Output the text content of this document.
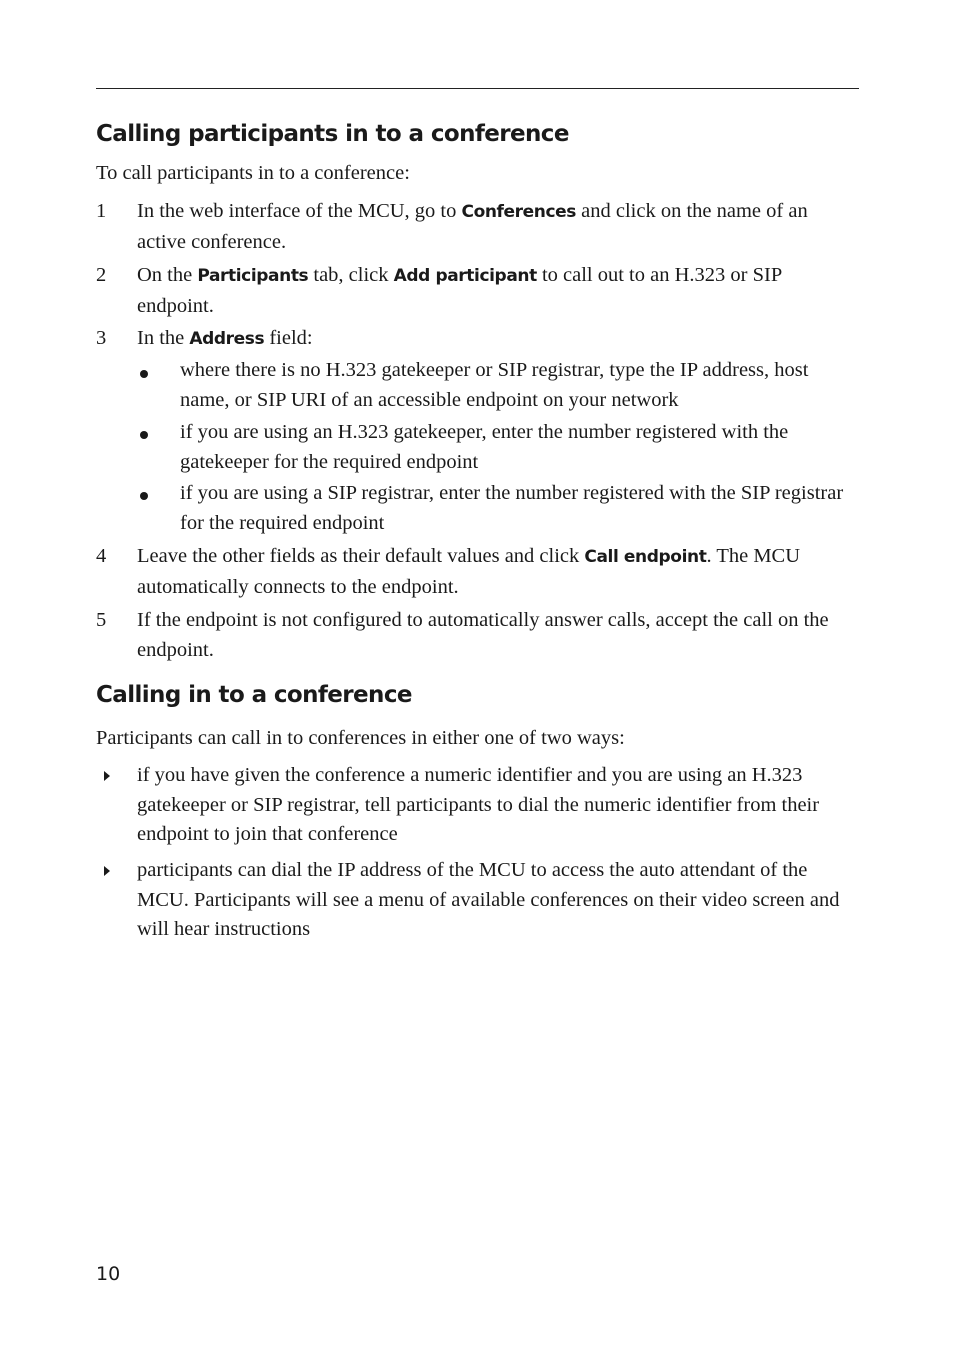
Calling participants in to a conference

To call participants in to a conference:

1 In the web interface of the MCU, go to Conferences and click on the name of an active conference.

2 On the Participants tab, click Add participant to call out to an H.323 or SIP endpoint.

3 In the Address field:

where there is no H.323 gatekeeper or SIP registrar, type the IP address, host name, or SIP URI of an accessible endpoint on your network

if you are using an H.323 gatekeeper, enter the number registered with the gatekeeper for the required endpoint

if you are using a SIP registrar, enter the number registered with the SIP registrar for the required endpoint

4 Leave the other fields as their default values and click Call endpoint. The MCU automatically connects to the endpoint.

5 If the endpoint is not configured to automatically answer calls, accept the call on the endpoint.

Calling in to a conference

Participants can call in to conferences in either one of two ways:

if you have given the conference a numeric identifier and you are using an H.323 gatekeeper or SIP registrar, tell participants to dial the numeric identifier from their endpoint to join that conference

participants can dial the IP address of the MCU to access the auto attendant of the MCU. Participants will see a menu of available conferences on their video screen and will hear instructions

10
